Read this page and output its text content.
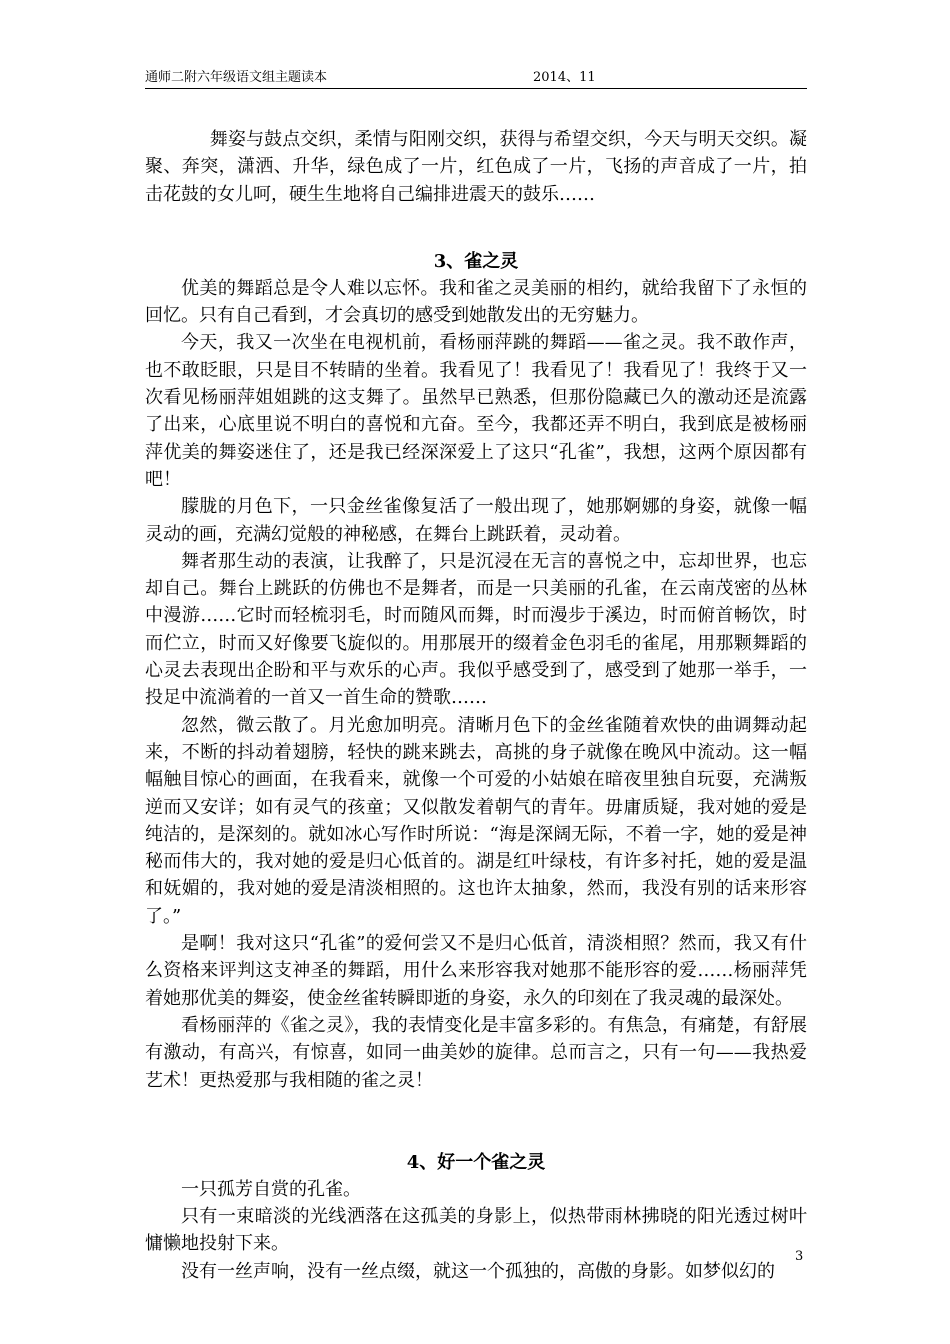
通师二附六年级语文组主题读本	2014、11

舞姿与鼓点交织，柔情与阳刚交织，获得与希望交织，今天与明天交织。凝聚、奔突，潇洒、升华，绿色成了一片，红色成了一片，飞扬的声音成了一片，拍击花鼓的女儿呵，硬生生地将自己编排进震天的鼓乐……

3、雀之灵

优美的舞蹈总是令人难以忘怀。我和雀之灵美丽的相约，就给我留下了永恒的回忆。只有自己看到，才会真切的感受到她散发出的无穷魅力。

今天，我又一次坐在电视机前，看杨丽萍跳的舞蹈——雀之灵。我不敢作声，也不敢眨眼，只是目不转睛的坐着。我看见了！我看见了！我看见了！我终于又一次看见杨丽萍姐姐跳的这支舞了。虽然早已熟悉，但那份隐藏已久的激动还是流露了出来，心底里说不明白的喜悦和亢奋。至今，我都还弄不明白，我到底是被杨丽萍优美的舞姿迷住了，还是我已经深深爱上了这只“孔雀”，我想，这两个原因都有吧！

朦胧的月色下，一只金丝雀像复活了一般出现了，她那婀娜的身姿，就像一幅灵动的画，充满幻觉般的神秘感，在舞台上跳跃着，灵动着。

舞者那生动的表演，让我醉了，只是沉浸在无言的喜悦之中，忘却世界，也忘却自己。舞台上跳跃的仿佛也不是舞者，而是一只美丽的孔雀，在云南茂密的丛林中漫游……它时而轻梳羽毛，时而随风而舞，时而漫步于溪边，时而俯首畅饮，时而伫立，时而又好像要飞旋似的。用那展开的缀着金色羽毛的雀尾，用那颗舞蹈的心灵去表现出企盼和平与欢乐的心声。我似乎感受到了，感受到了她那一举手，一投足中流淌着的一首又一首生命的赞歌……

忽然，微云散了。月光愈加明亮。清晰月色下的金丝雀随着欢快的曲调舞动起来，不断的抖动着翅膀，轻快的跳来跳去，高挑的身子就像在晚风中流动。这一幅幅触目惊心的画面，在我看来，就像一个可爱的小姑娘在暗夜里独自玩耍，充满叛逆而又安详；如有灵气的孩童；又似散发着朝气的青年。毋庸质疑，我对她的爱是纯洁的，是深刻的。就如冰心写作时所说：“海是深阔无际，不着一字，她的爱是神秘而伟大的，我对她的爱是归心低首的。湖是红叶绿枝，有许多衬托，她的爱是温和妩媚的，我对她的爱是清淡相照的。这也许太抽象，然而，我没有别的话来形容了。”

是啊！我对这只“孔雀”的爱何尝又不是归心低首，清淡相照？然而，我又有什么资格来评判这支神圣的舞蹈，用什么来形容我对她那不能形容的爱……杨丽萍凭着她那优美的舞姿，使金丝雀转瞬即逝的身姿，永久的印刻在了我灵魂的最深处。

看杨丽萍的《雀之灵》，我的表情变化是丰富多彩的。有焦急，有痛楚，有舒展有激动，有高兴，有惊喜，如同一曲美妙的旋律。总而言之，只有一句——我热爱艺术！更热爱那与我相随的雀之灵！

4、好一个雀之灵

一只孤芳自赏的孔雀。

只有一束暗淡的光线洒落在这孤美的身影上，似热带雨林拂晓的阳光透过树叶慵懒地投射下来。

没有一丝声响，没有一丝点缀，就这一个孤独的，高傲的身影。如梦似幻的

3
